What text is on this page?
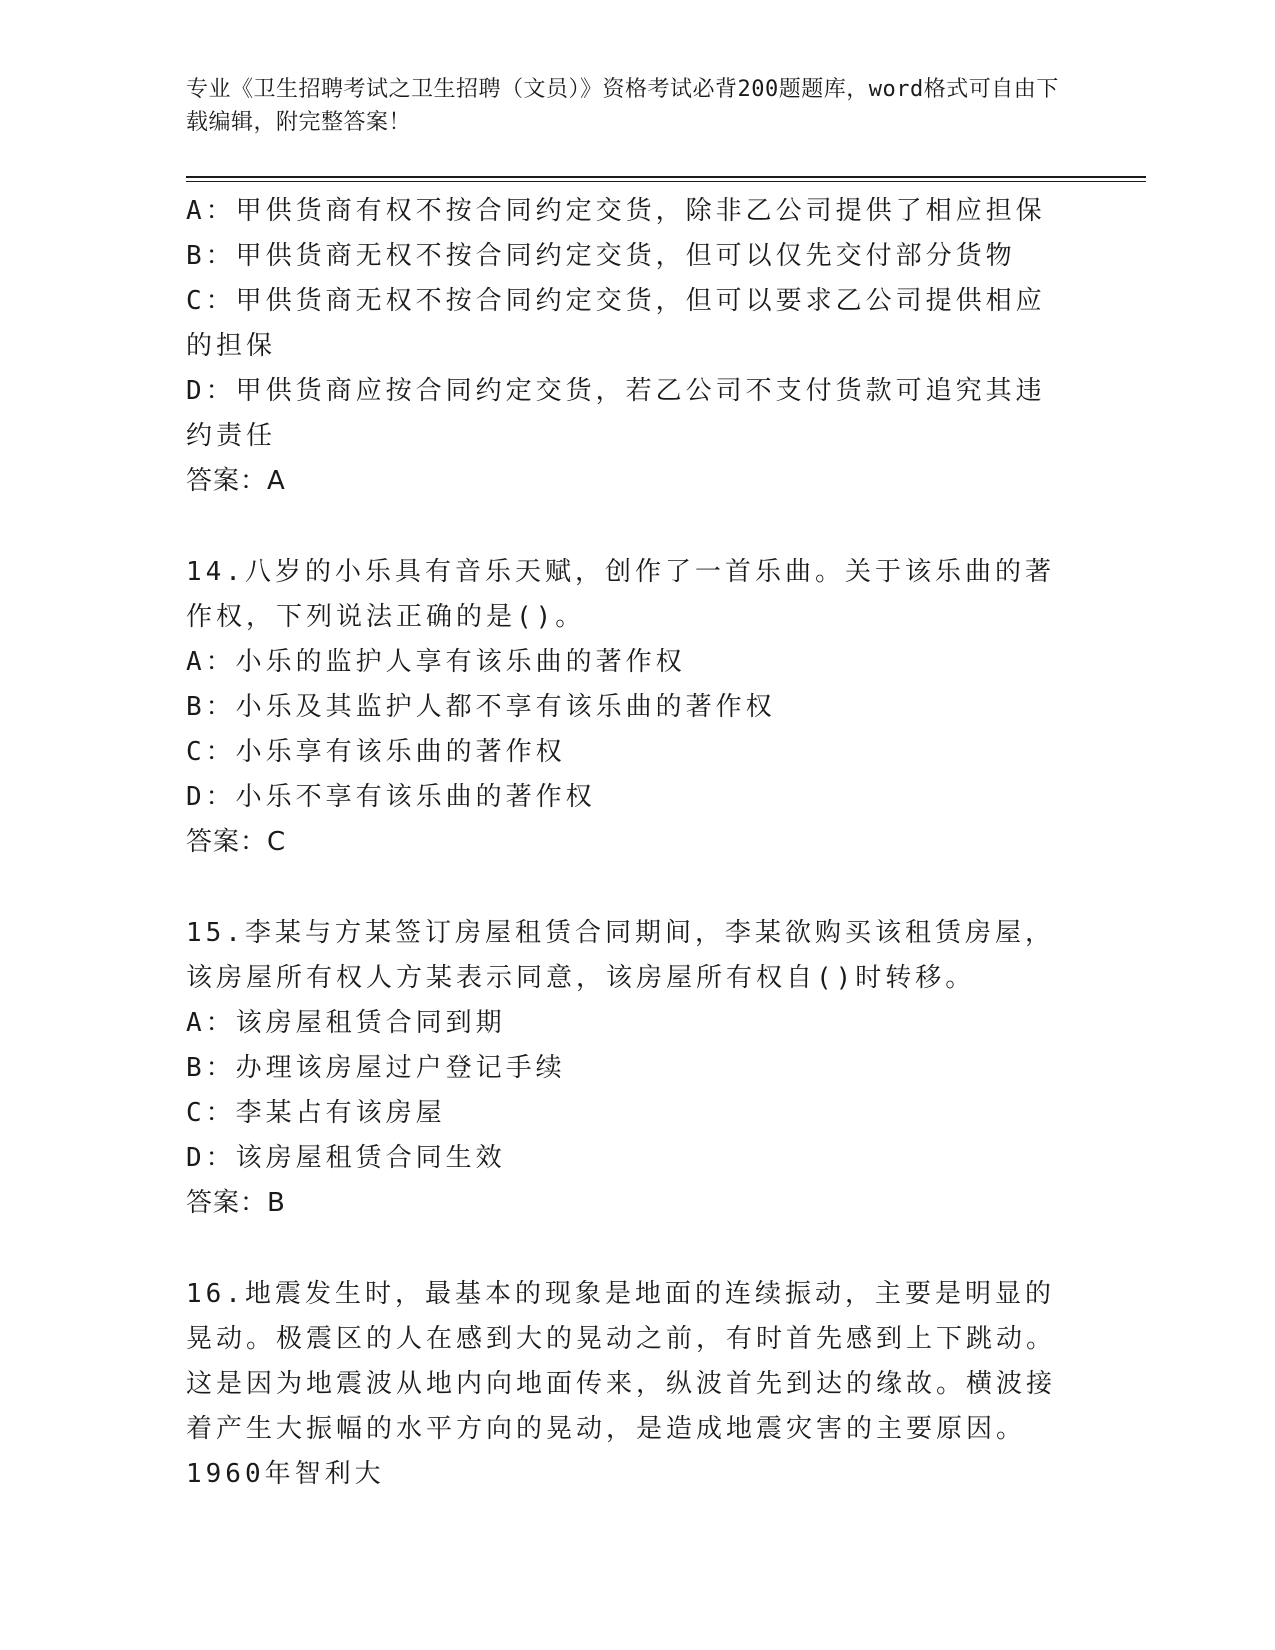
专业《卫生招聘考试之卫生招聘（文员）》资格考试必背200题题库，word格式可自由下载编辑，附完整答案！
A：甲供货商有权不按合同约定交货，除非乙公司提供了相应担保
B：甲供货商无权不按合同约定交货，但可以仅先交付部分货物
C：甲供货商无权不按合同约定交货，但可以要求乙公司提供相应的担保
D：甲供货商应按合同约定交货，若乙公司不支付货款可追究其违约责任
答案：A
14.八岁的小乐具有音乐天赋，创作了一首乐曲。关于该乐曲的著作权，下列说法正确的是()。
A：小乐的监护人享有该乐曲的著作权
B：小乐及其监护人都不享有该乐曲的著作权
C：小乐享有该乐曲的著作权
D：小乐不享有该乐曲的著作权
答案：C
15.李某与方某签订房屋租赁合同期间，李某欲购买该租赁房屋，该房屋所有权人方某表示同意，该房屋所有权自()时转移。
A：该房屋租赁合同到期
B：办理该房屋过户登记手续
C：李某占有该房屋
D：该房屋租赁合同生效
答案：B
16.地震发生时，最基本的现象是地面的连续振动，主要是明显的晃动。极震区的人在感到大的晃动之前，有时首先感到上下跳动。这是因为地震波从地内向地面传来，纵波首先到达的缘故。横波接着产生大振幅的水平方向的晃动，是造成地震灾害的主要原因。1960年智利大
